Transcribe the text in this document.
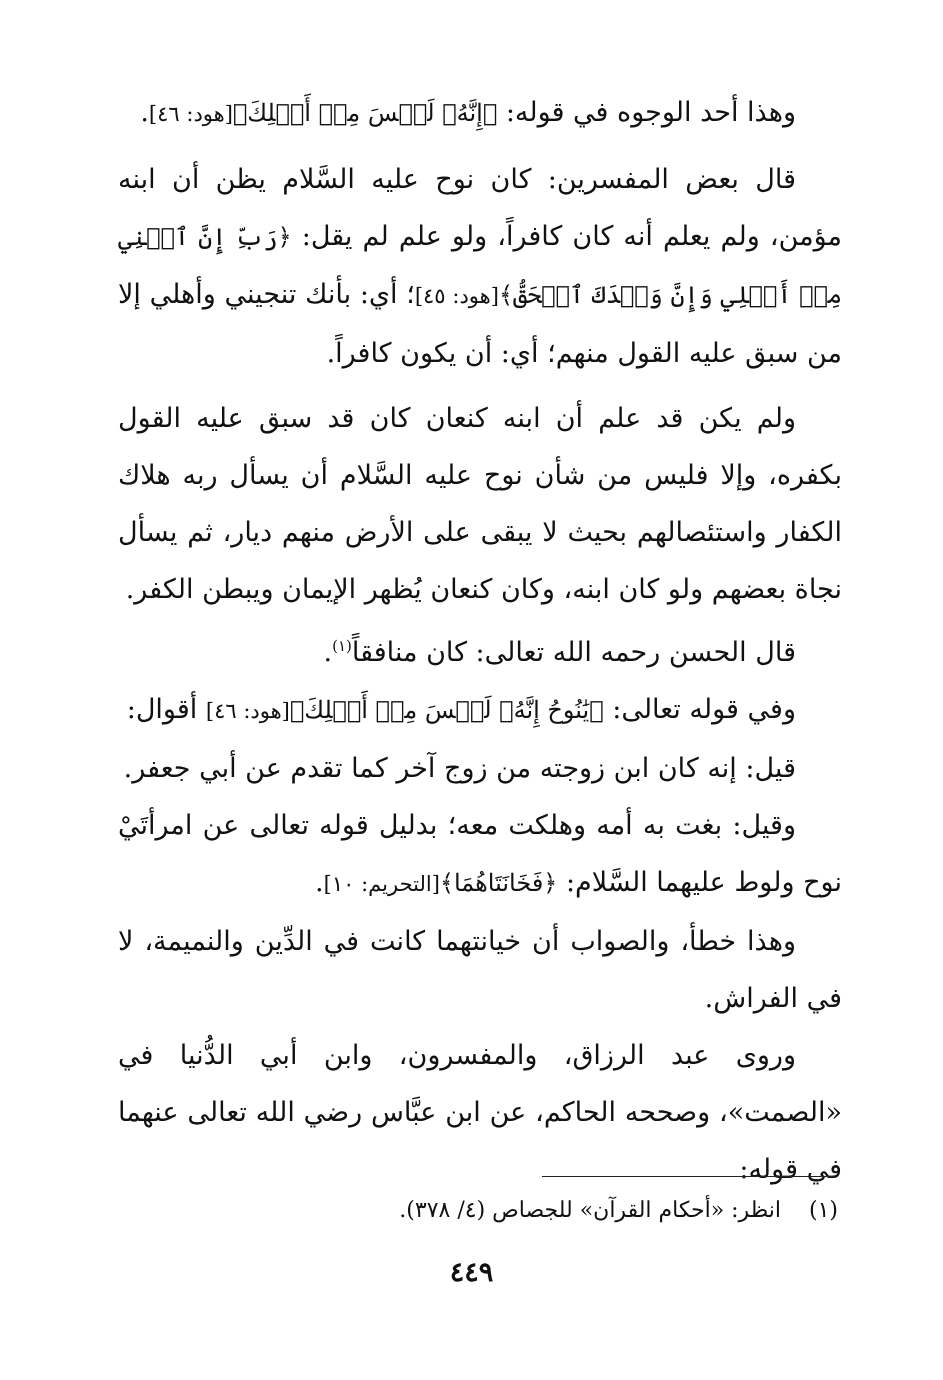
وهذا أحد الوجوه في قوله: ﴿إِنَّهُۥ لَيۡسَ مِنۡ أَهۡلِكَ﴾[هود: ٤٦].

قال بعض المفسرين: كان نوح عليه السَّلام يظن أن ابنه مؤمن، ولم يعلم أنه كان كافراً، ولو علم لم يقل: ﴿رَبِّ إِنَّ ٱبۡنِي مِنۡ أَهۡلِي وَإِنَّ وَعۡدَكَ ٱلۡحَقُّ﴾[هود: ٤٥]؛ أي: بأنك تنجيني وأهلي إلا من سبق عليه القول منهم؛ أي: أن يكون كافراً.

ولم يكن قد علم أن ابنه كنعان كان قد سبق عليه القول بكفره، وإلا فليس من شأن نوح عليه السَّلام أن يسأل ربه هلاك الكفار واستئصالهم بحيث لا يبقى على الأرض منهم ديار، ثم يسأل نجاة بعضهم ولو كان ابنه، وكان كنعان يُظهر الإيمان ويبطن الكفر.

قال الحسن رحمه الله تعالى: كان منافقاً$^{(١)}$.

وفي قوله تعالى: ﴿يَٰنُوحُ إِنَّهُۥ لَيۡسَ مِنۡ أَهۡلِكَ﴾[هود: ٤٦] أقوال:

قيل: إنه كان ابن زوجته من زوج آخر كما تقدم عن أبي جعفر.

وقيل: بغت به أمه وهلكت معه؛ بدليل قوله تعالى عن امرأتَيْ نوح ولوط عليهما السَّلام: ﴿فَخَانَتَاهُمَا﴾[التحريم: ١٠].

وهذا خطأ، والصواب أن خيانتهما كانت في الدِّين والنميمة، لا في الفراش.

وروى عبد الرزاق، والمفسرون، وابن أبي الدُّنيا في «الصمت»، وصححه الحاكم، عن ابن عبَّاس رضي الله تعالى عنهما في قوله:

(١)    انظر: «أحكام القرآن» للجصاص (٤/ ٣٧٨).
٤٤٩
